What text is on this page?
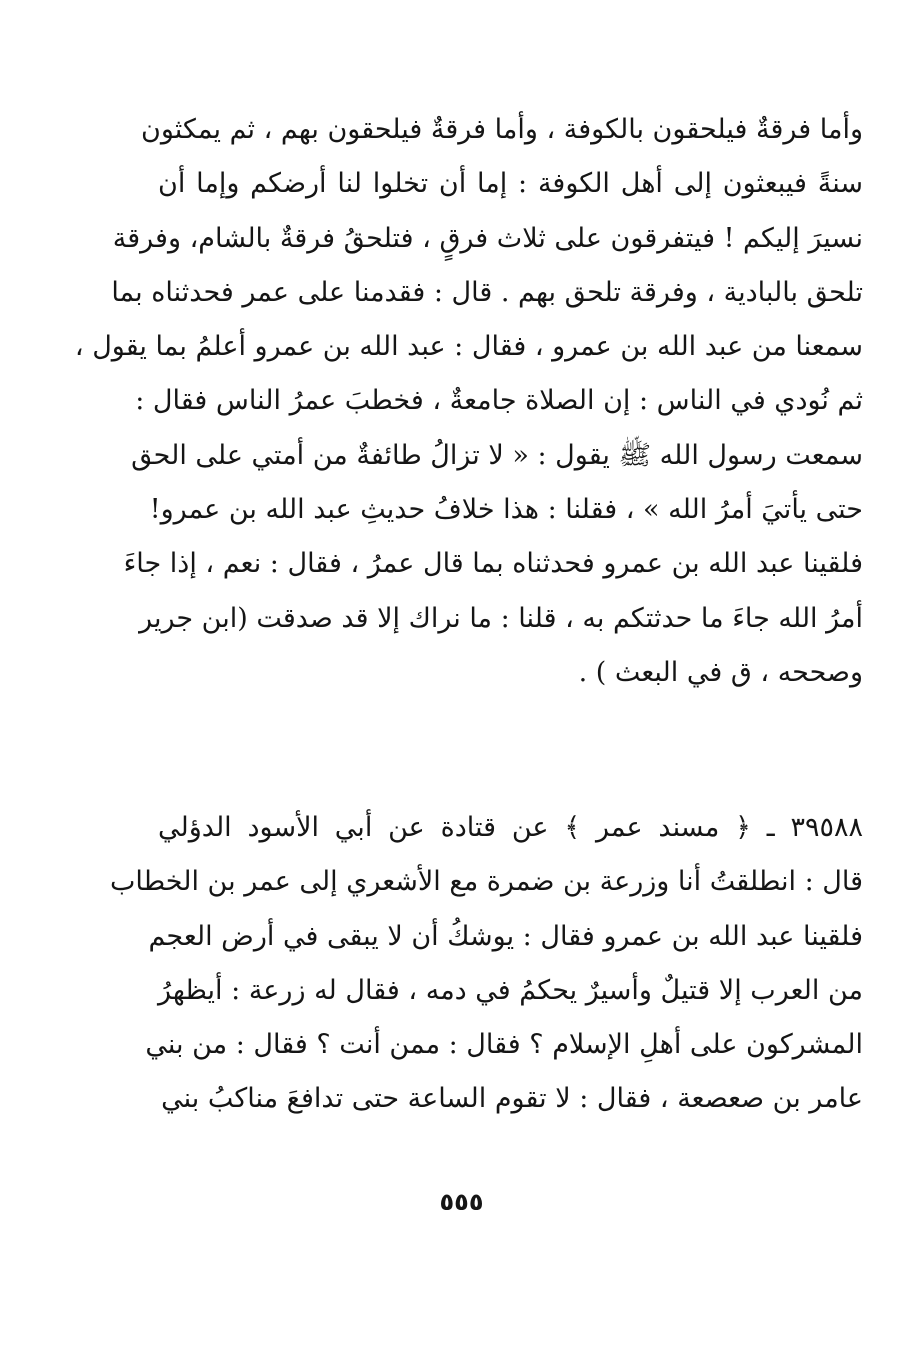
وأما فرقةٌ فيلحقون بالكوفة ، وأما فرقةٌ فيلحقون بهم ، ثم يمكثون
سنةً فيبعثون إلى أهل الكوفة : إما أن تخلوا لنا أرضكم وإما أن
نسيرَ إليكم ! فيتفرقون على ثلاث فرقٍ ، فتلحقُ فرقةٌ بالشام، وفرقة
تلحق بالبادية ، وفرقة تلحق بهم . قال : فقدمنا على عمر فحدثناه بما
سمعنا من عبد الله بن عمرو ، فقال : عبد الله بن عمرو أعلمُ بما يقول ،
ثم نُودي في الناس : إن الصلاة جامعةٌ ، فخطبَ عمرُ الناس فقال :
سمعت رسول الله ﷺ يقول : « لا تزالُ طائفةٌ من أمتي على الحق
حتى يأتيَ أمرُ الله » ، فقلنا : هذا خلافُ حديثِ عبد الله بن عمرو!
فلقينا عبد الله بن عمرو فحدثناه بما قال عمرُ ، فقال : نعم ، إذا جاءَ
أمرُ الله جاءَ ما حدثتكم به ، قلنا : ما نراك إلا قد صدقت (ابن جرير
وصححه ، ق في البعث ) .
٣٩٥٨٨ ـ ﴿ مسند عمر ﴾ عن قتادة عن أبي الأسود الدؤلي
قال : انطلقتُ أنا وزرعة بن ضمرة مع الأشعري إلى عمر بن الخطاب
فلقينا عبد الله بن عمرو فقال : يوشكُ أن لا يبقى في أرض العجم
من العرب إلا قتيلٌ وأسيرٌ يحكمُ في دمه ، فقال له زرعة : أيظهرُ
المشركون على أهلِ الإسلام ؟ فقال : ممن أنت ؟ فقال : من بني
عامر بن صعصعة ، فقال : لا تقوم الساعة حتى تدافعَ مناكبُ بني
٥٥٥
